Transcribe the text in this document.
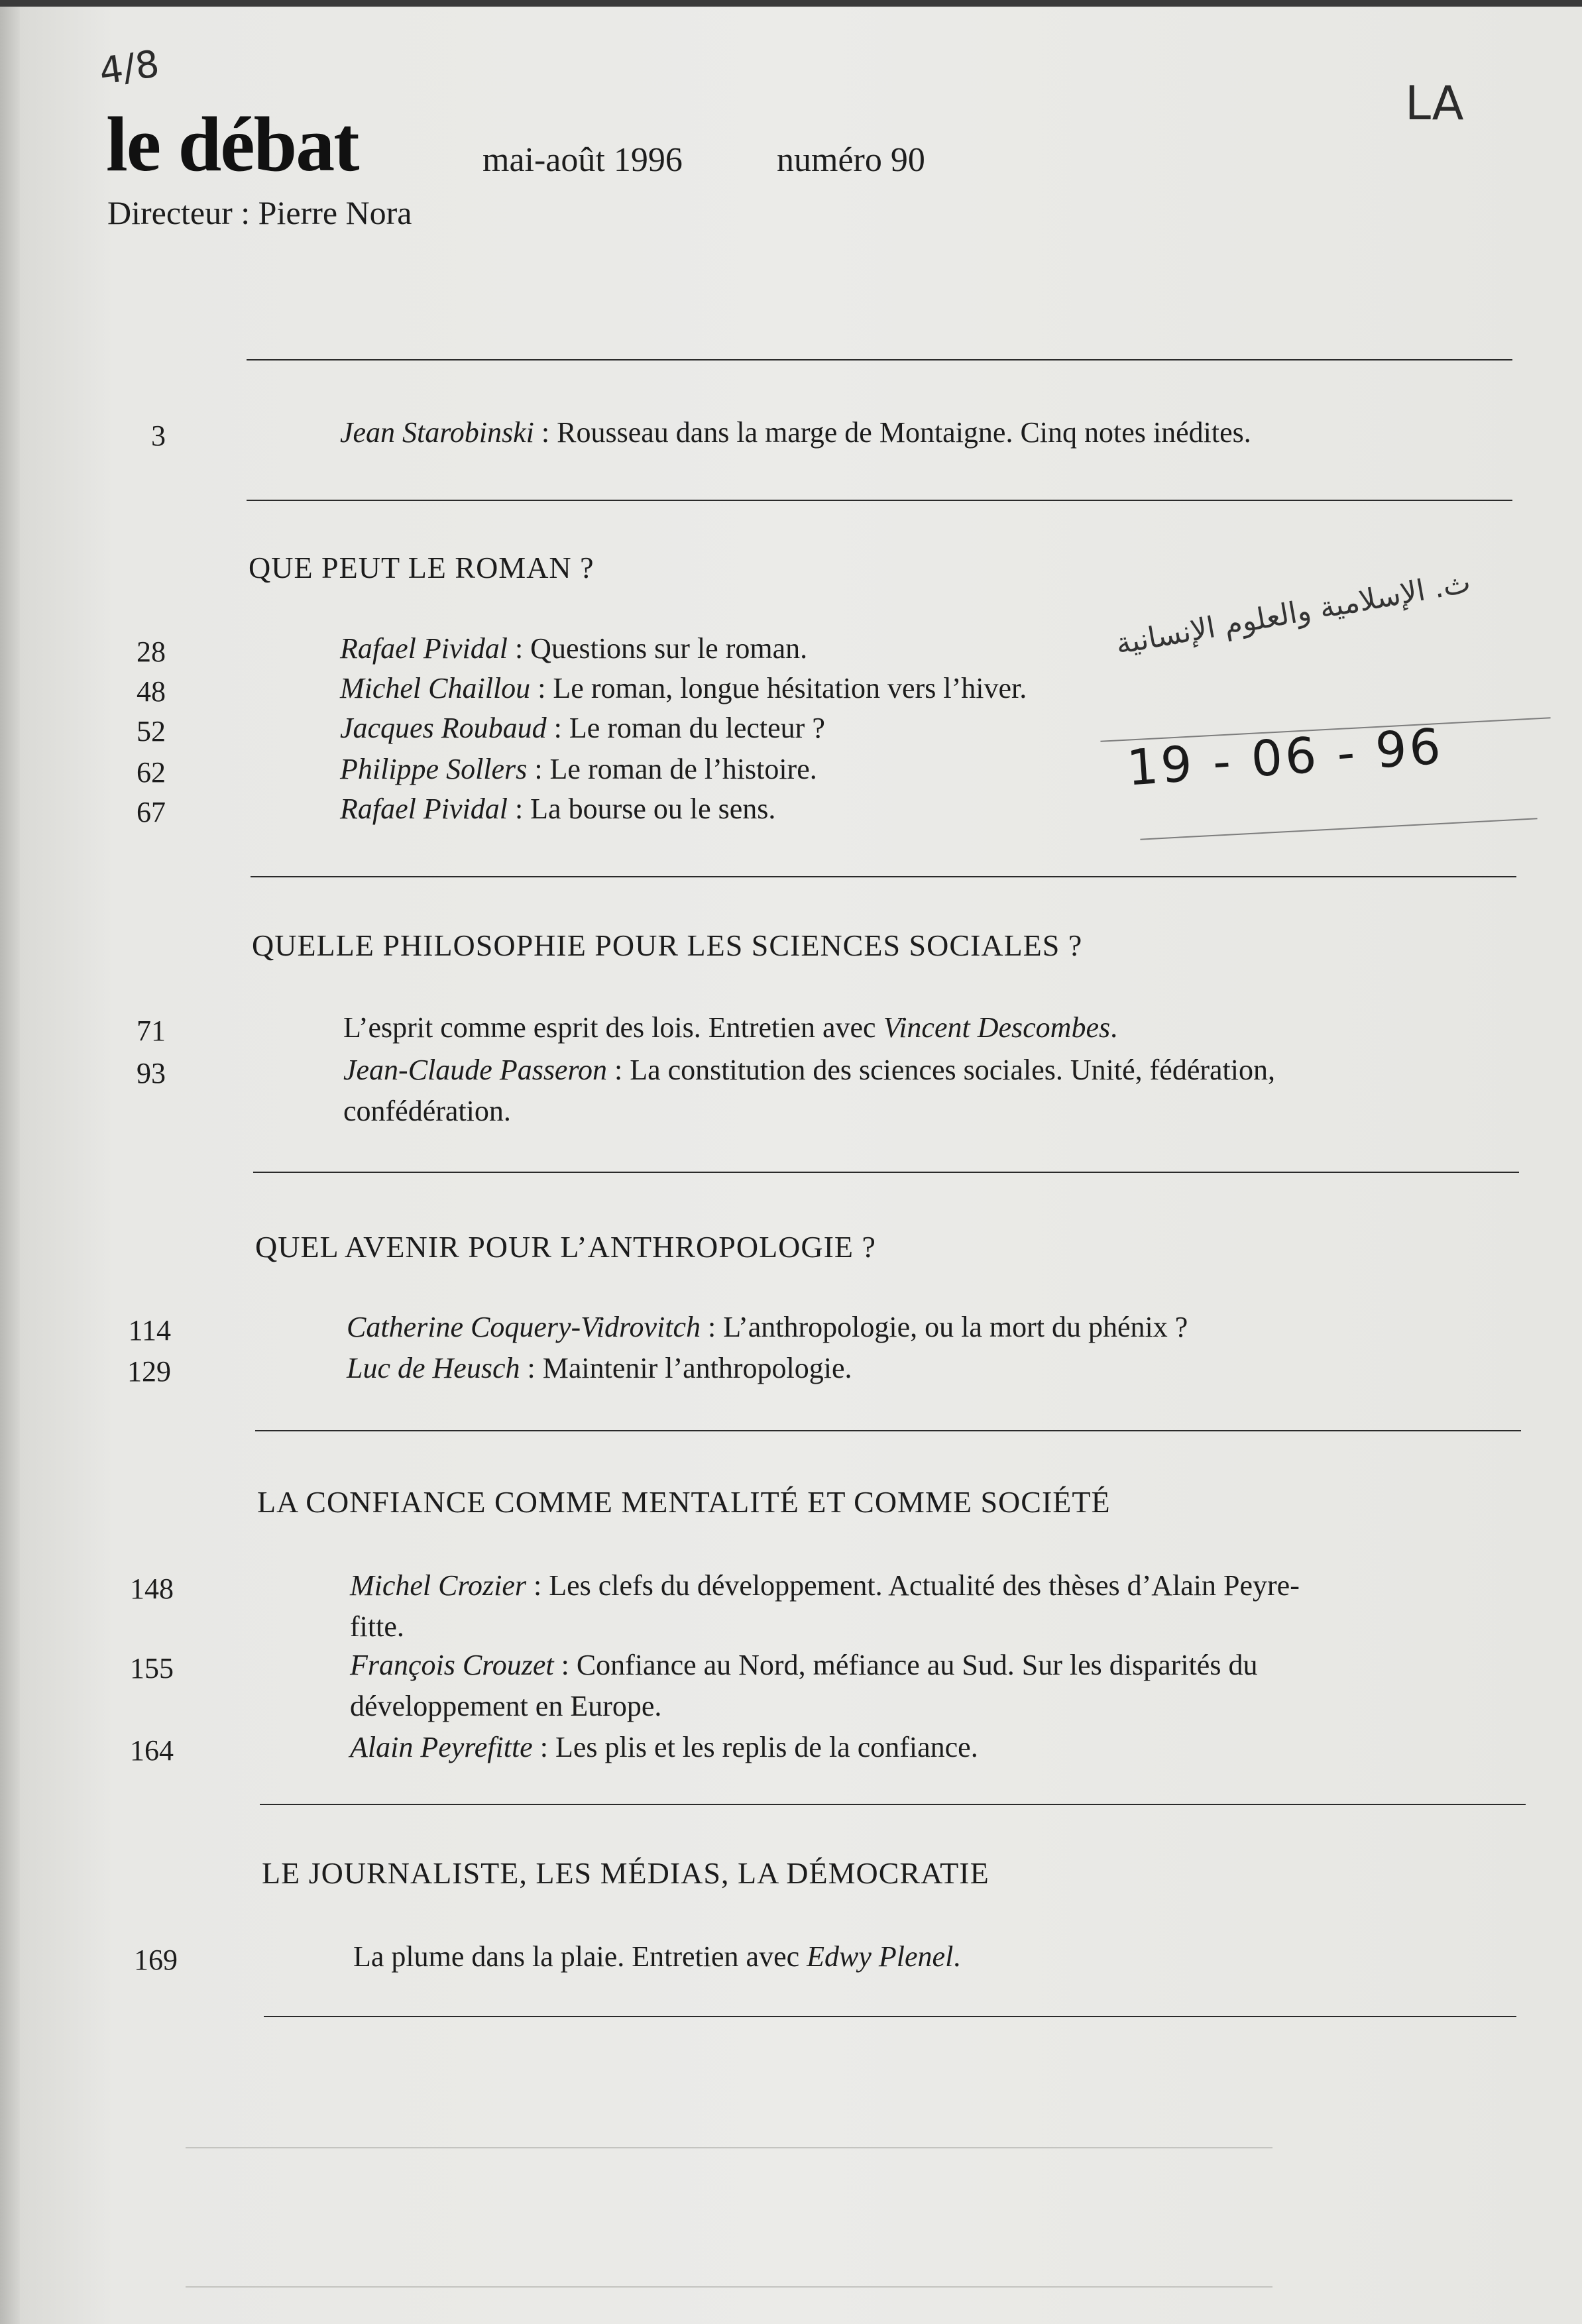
4/8
LA
le débat	mai-août 1996	numéro 90
Directeur : Pierre Nora
ث. الإسلامية والعلوم الإنسانية
19 - 06 - 96
3	Jean Starobinski : Rousseau dans la marge de Montaigne. Cinq notes inédites.
QUE PEUT LE ROMAN ?
28	Rafael Pividal : Questions sur le roman.
48	Michel Chaillou : Le roman, longue hésitation vers l’hiver.
52	Jacques Roubaud : Le roman du lecteur ?
62	Philippe Sollers : Le roman de l’histoire.
67	Rafael Pividal : La bourse ou le sens.
QUELLE PHILOSOPHIE POUR LES SCIENCES SOCIALES ?
71	L’esprit comme esprit des lois. Entretien avec Vincent Descombes.
93	Jean-Claude Passeron : La constitution des sciences sociales. Unité, fédération,
confédération.
QUEL AVENIR POUR L’ANTHROPOLOGIE ?
114	Catherine Coquery-Vidrovitch : L’anthropologie, ou la mort du phénix ?
129	Luc de Heusch : Maintenir l’anthropologie.
LA CONFIANCE COMME MENTALITÉ ET COMME SOCIÉTÉ
148	Michel Crozier : Les clefs du développement. Actualité des thèses d’Alain Peyre-
fitte.
155	François Crouzet : Confiance au Nord, méfiance au Sud. Sur les disparités du
développement en Europe.
164	Alain Peyrefitte : Les plis et les replis de la confiance.
LE JOURNALISTE, LES MÉDIAS, LA DÉMOCRATIE
169	La plume dans la plaie. Entretien avec Edwy Plenel.
